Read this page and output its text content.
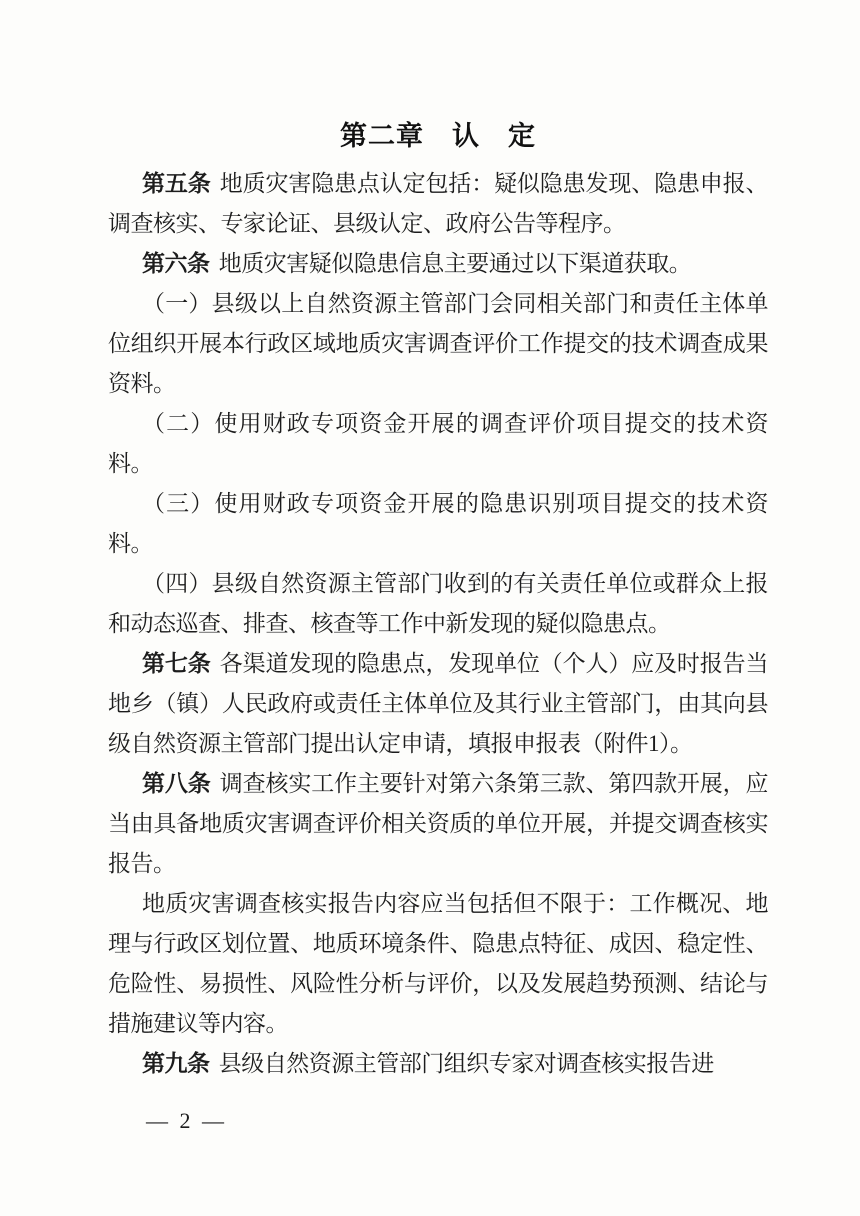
第二章　认　定

第五条 地质灾害隐患点认定包括：疑似隐患发现、隐患申报、调查核实、专家论证、县级认定、政府公告等程序。

第六条 地质灾害疑似隐患信息主要通过以下渠道获取。

（一）县级以上自然资源主管部门会同相关部门和责任主体单位组织开展本行政区域地质灾害调查评价工作提交的技术调查成果资料。

（二）使用财政专项资金开展的调查评价项目提交的技术资料。

（三）使用财政专项资金开展的隐患识别项目提交的技术资料。

（四）县级自然资源主管部门收到的有关责任单位或群众上报和动态巡查、排查、核查等工作中新发现的疑似隐患点。

第七条 各渠道发现的隐患点，发现单位（个人）应及时报告当地乡（镇）人民政府或责任主体单位及其行业主管部门，由其向县级自然资源主管部门提出认定申请，填报申报表（附件1）。

第八条 调查核实工作主要针对第六条第三款、第四款开展，应当由具备地质灾害调查评价相关资质的单位开展，并提交调查核实报告。

地质灾害调查核实报告内容应当包括但不限于：工作概况、地理与行政区划位置、地质环境条件、隐患点特征、成因、稳定性、危险性、易损性、风险性分析与评价，以及发展趋势预测、结论与措施建议等内容。

第九条 县级自然资源主管部门组织专家对调查核实报告进

— 2 —
